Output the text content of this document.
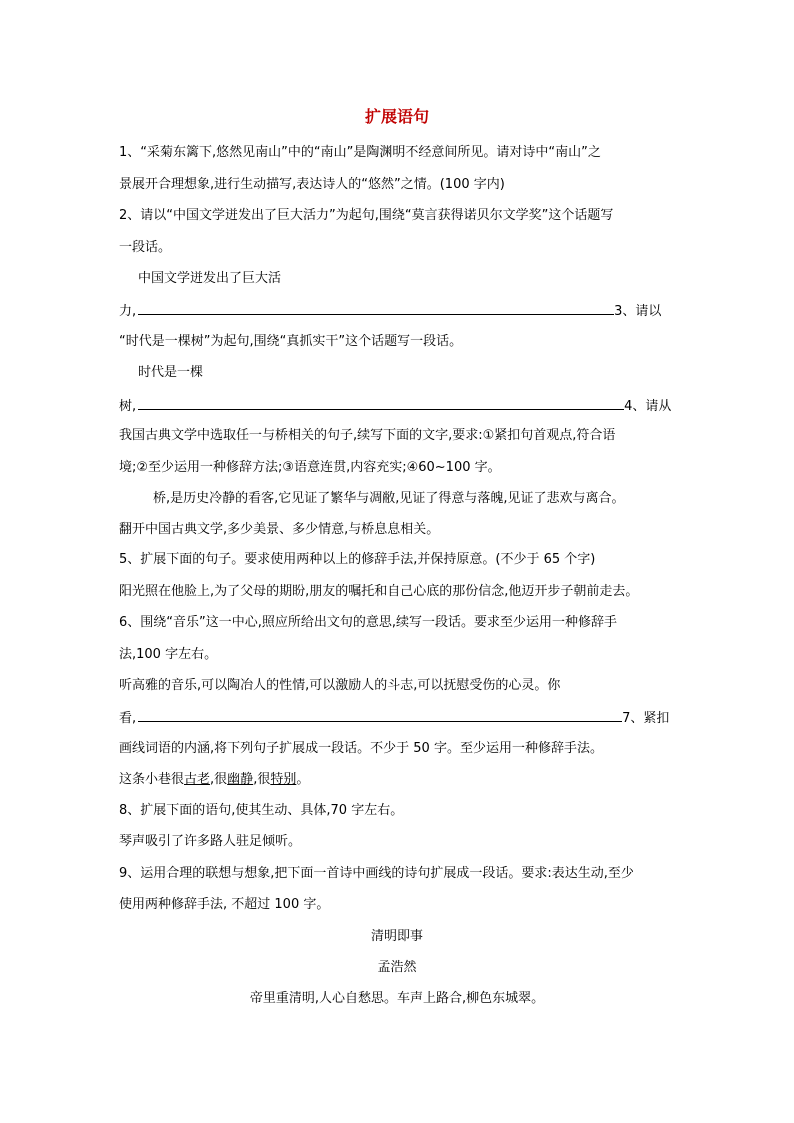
扩展语句
1、“采菊东篱下,悠然见南山”中的“南山”是陶渊明不经意间所见。请对诗中“南山”之
景展开合理想象,进行生动描写,表达诗人的“悠然”之情。(100 字内)
2、请以“中国文学迸发出了巨大活力”为起句,围绕“莫言获得诺贝尔文学奖”这个话题写
一段话。
中国文学迸发出了巨大活
力,	3、请以
“时代是一棵树”为起句,围绕“真抓实干”这个话题写一段话。
时代是一棵
树,	4、请从
我国古典文学中选取任一与桥相关的句子,续写下面的文字,要求:①紧扣句首观点,符合语
境;②至少运用一种修辞方法;③语意连贯,内容充实;④60~100 字。
桥,是历史冷静的看客,它见证了繁华与凋敝,见证了得意与落魄,见证了悲欢与离合。
翻开中国古典文学,多少美景、多少情意,与桥息息相关。
5、扩展下面的句子。要求使用两种以上的修辞手法,并保持原意。(不少于 65 个字)
阳光照在他脸上,为了父母的期盼,朋友的嘱托和自己心底的那份信念,他迈开步子朝前走去。
6、围绕“音乐”这一中心,照应所给出文句的意思,续写一段话。要求至少运用一种修辞手
法,100 字左右。
听高雅的音乐,可以陶冶人的性情,可以激励人的斗志,可以抚慰受伤的心灵。你
看,	7、紧扣
画线词语的内涵,将下列句子扩展成一段话。不少于 50 字。至少运用一种修辞手法。
这条小巷很古老,很幽静,很特别。
8、扩展下面的语句,使其生动、具体,70 字左右。
琴声吸引了许多路人驻足倾听。
9、运用合理的联想与想象,把下面一首诗中画线的诗句扩展成一段话。要求:表达生动,至少
使用两种修辞手法, 不超过 100 字。
清明即事
孟浩然
帝里重清明,人心自愁思。车声上路合,柳色东城翠。
